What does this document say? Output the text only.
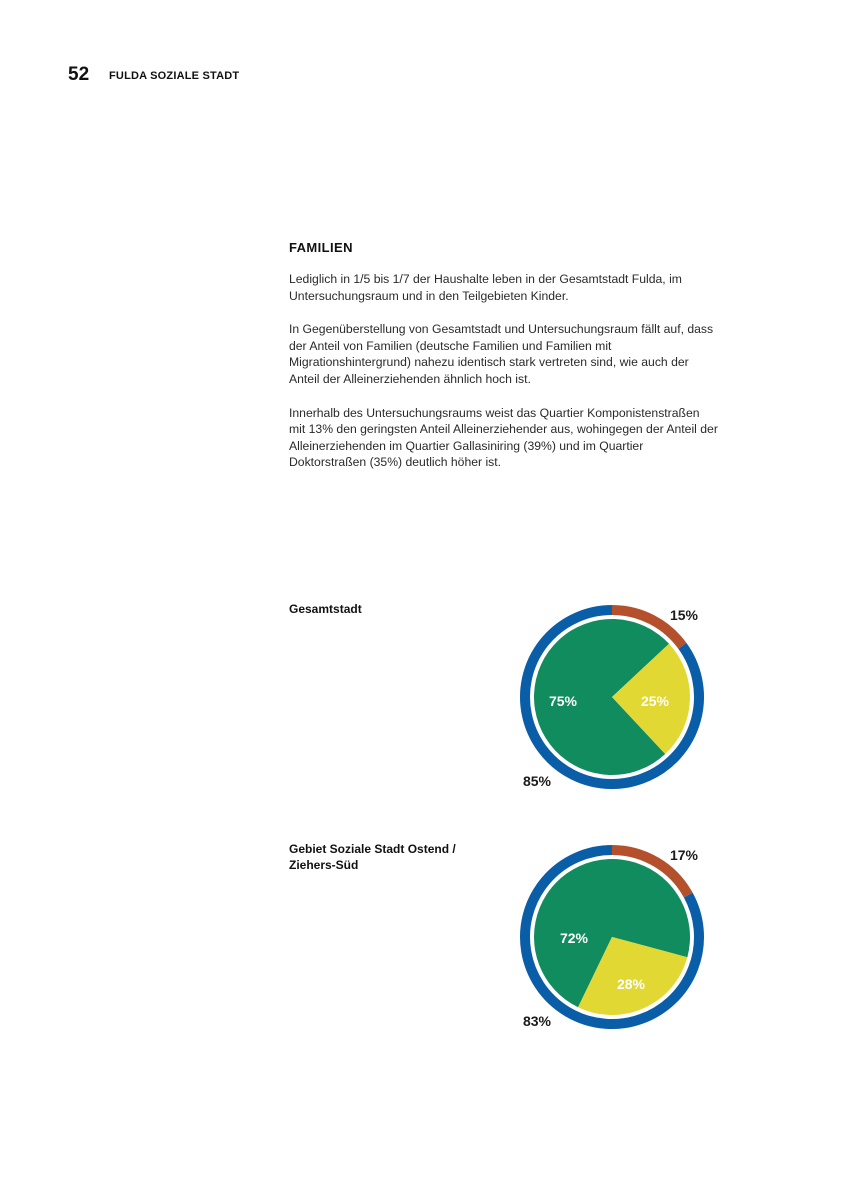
52 FULDA SOZIALE STADT
FAMILIEN

Lediglich in 1/5 bis 1/7 der Haushalte leben in der Gesamtstadt Fulda, im Untersuchungsraum und in den Teilgebieten Kinder.

In Gegenüberstellung von Gesamtstadt und Untersuchungsraum fällt auf, dass der Anteil von Familien (deutsche Familien und Familien mit Migrationshintergrund) nahezu identisch stark vertreten sind, wie auch der Anteil der Alleinerziehenden ähnlich hoch ist.

Innerhalb des Untersuchungsraums weist das Quartier Komponistenstraßen mit 13% den geringsten Anteil Alleinerziehender aus, wohingegen der Anteil der Alleinerziehenden im Quartier Gallasiniring (39%) und im Quartier Doktorstraßen (35%) deutlich höher ist.

Gesamtstadt
75%	25%
15%
85%
Gebiet Soziale Stadt Ostend / Ziehers-Süd
72%
28%
17%
83%
